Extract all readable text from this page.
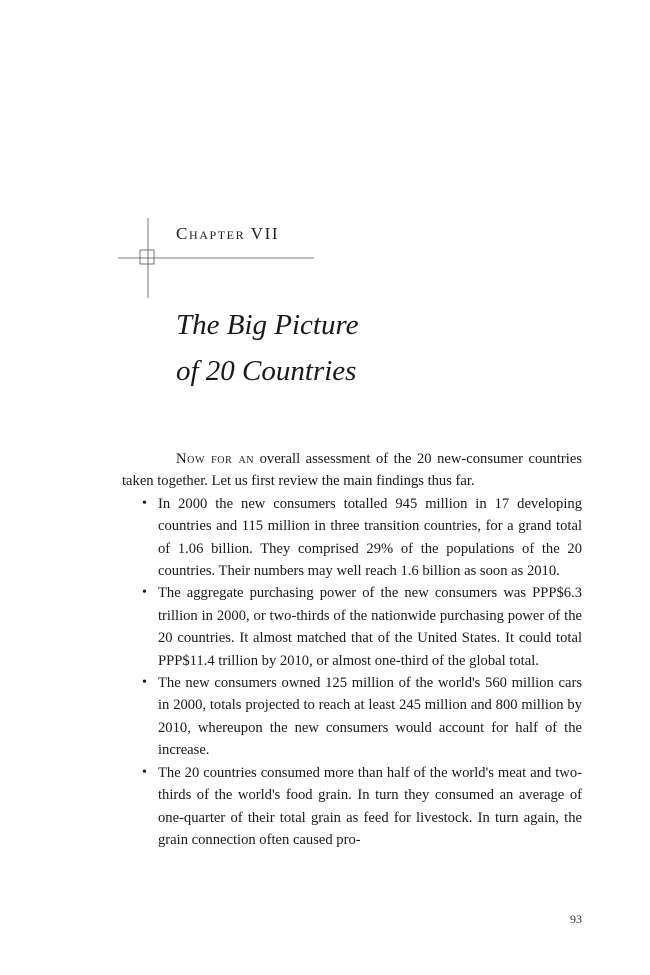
Chapter VII
The Big Picture
of 20 Countries

Now for an overall assessment of the 20 new-consumer countries taken together. Let us first review the main findings thus far.

• In 2000 the new consumers totalled 945 million in 17 developing countries and 115 million in three transition countries, for a grand total of 1.06 billion. They comprised 29% of the populations of the 20 countries. Their numbers may well reach 1.6 billion as soon as 2010.
• The aggregate purchasing power of the new consumers was PPP$6.3 trillion in 2000, or two-thirds of the nationwide purchasing power of the 20 countries. It almost matched that of the United States. It could total PPP$11.4 trillion by 2010, or almost one-third of the global total.
• The new consumers owned 125 million of the world's 560 million cars in 2000, totals projected to reach at least 245 million and 800 million by 2010, whereupon the new consumers would account for half of the increase.
• The 20 countries consumed more than half of the world's meat and two-thirds of the world's food grain. In turn they consumed an average of one-quarter of their total grain as feed for livestock. In turn again, the grain connection often caused pro-
93
